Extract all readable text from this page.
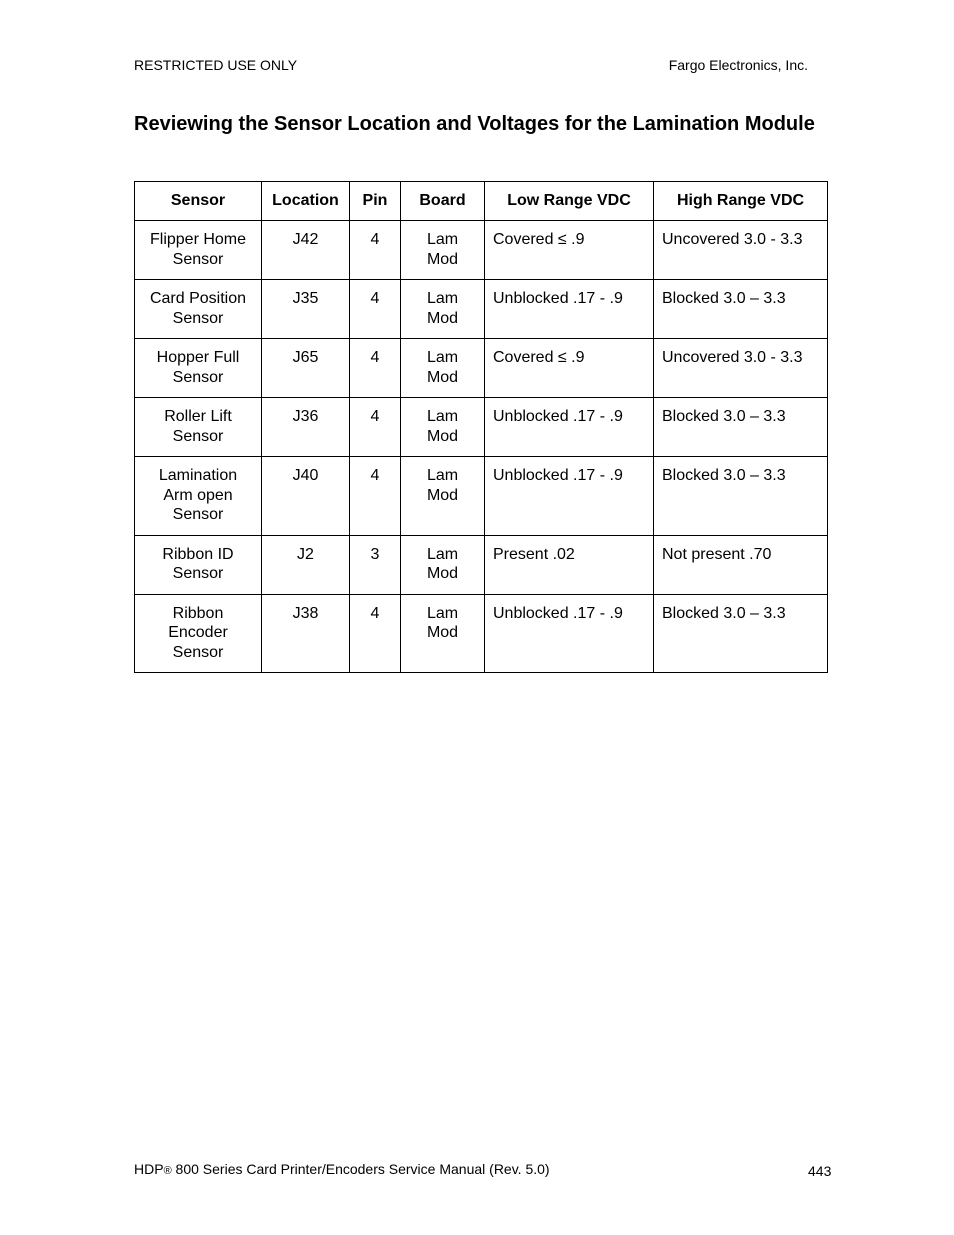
RESTRICTED USE ONLY	Fargo Electronics, Inc.
Reviewing the Sensor Location and Voltages for the Lamination Module
Sensor	Location	Pin	Board	Low Range VDC	High Range VDC
Flipper Home Sensor	J42	4	Lam Mod	Covered ≤ .9	Uncovered 3.0 - 3.3
Card Position Sensor	J35	4	Lam Mod	Unblocked .17 - .9	Blocked 3.0 – 3.3
Hopper Full Sensor	J65	4	Lam Mod	Covered ≤ .9	Uncovered 3.0 - 3.3
Roller Lift Sensor	J36	4	Lam Mod	Unblocked .17 - .9	Blocked 3.0 – 3.3
Lamination Arm open Sensor	J40	4	Lam Mod	Unblocked .17 - .9	Blocked 3.0 – 3.3
Ribbon ID Sensor	J2	3	Lam Mod	Present .02	Not present .70
Ribbon Encoder Sensor	J38	4	Lam Mod	Unblocked .17 - .9	Blocked 3.0 – 3.3
HDP® 800 Series Card Printer/Encoders Service Manual (Rev. 5.0)	443
